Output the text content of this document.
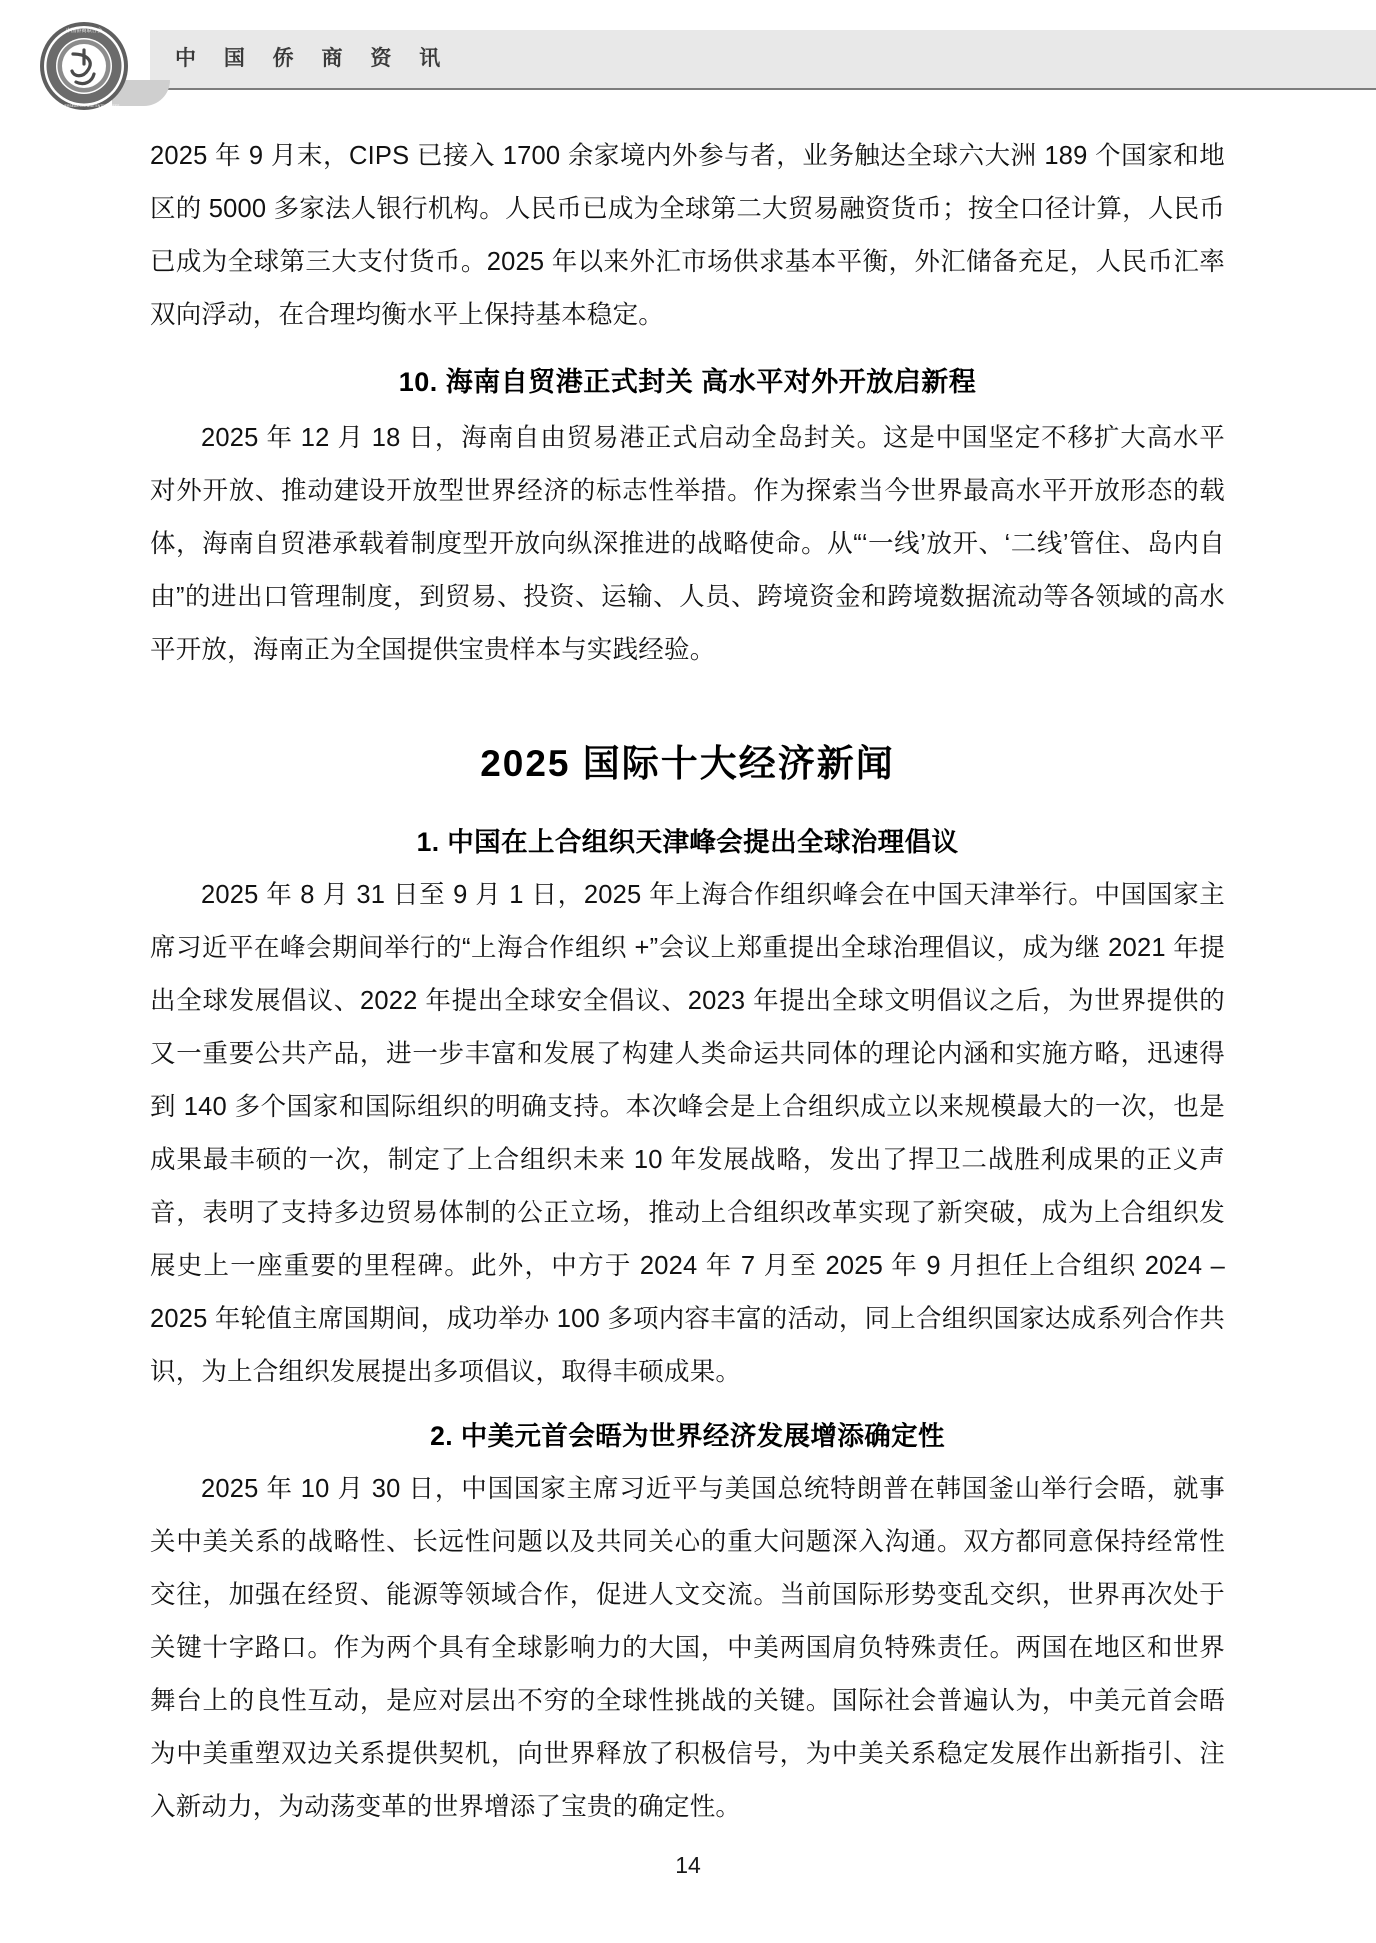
中国侨商联合会
CHINA OVERSEAS CHINESE ENTERPRISES
中 国 侨 商 资 讯

2025 年 9 月末，CIPS 已接入 1700 余家境内外参与者，业务触达全球六大洲 189 个国家和地区的 5000 多家法人银行机构。人民币已成为全球第二大贸易融资货币；按全口径计算，人民币已成为全球第三大支付货币。2025 年以来外汇市场供求基本平衡，外汇储备充足，人民币汇率双向浮动，在合理均衡水平上保持基本稳定。

10. 海南自贸港正式封关 高水平对外开放启新程

2025 年 12 月 18 日，海南自由贸易港正式启动全岛封关。这是中国坚定不移扩大高水平对外开放、推动建设开放型世界经济的标志性举措。作为探索当今世界最高水平开放形态的载体，海南自贸港承载着制度型开放向纵深推进的战略使命。从“‘一线’放开、‘二线’管住、岛内自由”的进出口管理制度，到贸易、投资、运输、人员、跨境资金和跨境数据流动等各领域的高水平开放，海南正为全国提供宝贵样本与实践经验。

2025 国际十大经济新闻
1. 中国在上合组织天津峰会提出全球治理倡议

2025 年 8 月 31 日至 9 月 1 日，2025 年上海合作组织峰会在中国天津举行。中国国家主席习近平在峰会期间举行的“上海合作组织 +”会议上郑重提出全球治理倡议，成为继 2021 年提出全球发展倡议、2022 年提出全球安全倡议、2023 年提出全球文明倡议之后，为世界提供的又一重要公共产品，进一步丰富和发展了构建人类命运共同体的理论内涵和实施方略，迅速得到 140 多个国家和国际组织的明确支持。本次峰会是上合组织成立以来规模最大的一次，也是成果最丰硕的一次，制定了上合组织未来 10 年发展战略，发出了捍卫二战胜利成果的正义声音，表明了支持多边贸易体制的公正立场，推动上合组织改革实现了新突破，成为上合组织发展史上一座重要的里程碑。此外，中方于 2024 年 7 月至 2025 年 9 月担任上合组织 2024 – 2025 年轮值主席国期间，成功举办 100 多项内容丰富的活动，同上合组织国家达成系列合作共识，为上合组织发展提出多项倡议，取得丰硕成果。

2. 中美元首会晤为世界经济发展增添确定性

2025 年 10 月 30 日，中国国家主席习近平与美国总统特朗普在韩国釜山举行会晤，就事关中美关系的战略性、长远性问题以及共同关心的重大问题深入沟通。双方都同意保持经常性交往，加强在经贸、能源等领域合作，促进人文交流。当前国际形势变乱交织，世界再次处于关键十字路口。作为两个具有全球影响力的大国，中美两国肩负特殊责任。两国在地区和世界舞台上的良性互动，是应对层出不穷的全球性挑战的关键。国际社会普遍认为，中美元首会晤为中美重塑双边关系提供契机，向世界释放了积极信号，为中美关系稳定发展作出新指引、注入新动力，为动荡变革的世界增添了宝贵的确定性。

14
